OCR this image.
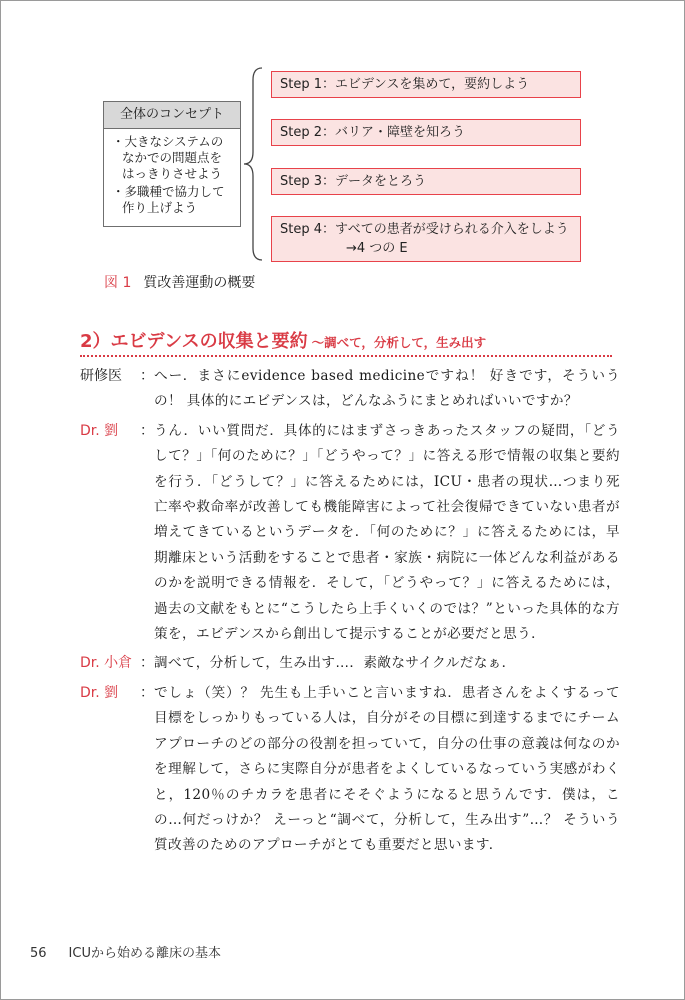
全体のコンセプト
・大きなシステムの
なかでの問題点を
はっきりさせよう
・多職種で協力して
作り上げよう
Step 1：エビデンスを集めて，要約しよう
Step 2：バリア・障壁を知ろう
Step 3：データをとろう
Step 4：すべての患者が受けられる介入をしよう
→4 つの E
図 1 質改善運動の概要
2）エビデンスの収集と要約 ～調べて，分析して，生み出す
研修医	： へー．まさにevidence based medicineですね！ 好きです，そういうの！ 具体的にエビデンスは，どんなふうにまとめればいいですか？
Dr. 劉	： うん．いい質問だ．具体的にはまずさっきあったスタッフの疑問，「どうして？」「何のために？」「どうやって？」に答える形で情報の収集と要約を行う．「どうして？」に答えるためには，ICU・患者の現状…つまり死亡率や救命率が改善しても機能障害によって社会復帰できていない患者が増えてきているというデータを．「何のために？」に答えるためには，早期離床という活動をすることで患者・家族・病院に一体どんな利益があるのかを説明できる情報を．そして，「どうやって？」に答えるためには，過去の文献をもとに“こうしたら上手くいくのでは？”といった具体的な方策を，エビデンスから創出して提示することが必要だと思う．
Dr. 小倉 ： 調べて，分析して，生み出す…．素敵なサイクルだなぁ．
Dr. 劉	： でしょ（笑）？ 先生も上手いこと言いますね．患者さんをよくするって目標をしっかりもっている人は，自分がその目標に到達するまでにチームアプローチのどの部分の役割を担っていて，自分の仕事の意義は何なのかを理解して，さらに実際自分が患者をよくしているなっていう実感がわくと，120％のチカラを患者にそそぐようになると思うんです．僕は，この…何だっけか？ えーっと“調べて，分析して，生み出す”…？ そういう質改善のためのアプローチがとても重要だと思います．
56 ICUから始める離床の基本
